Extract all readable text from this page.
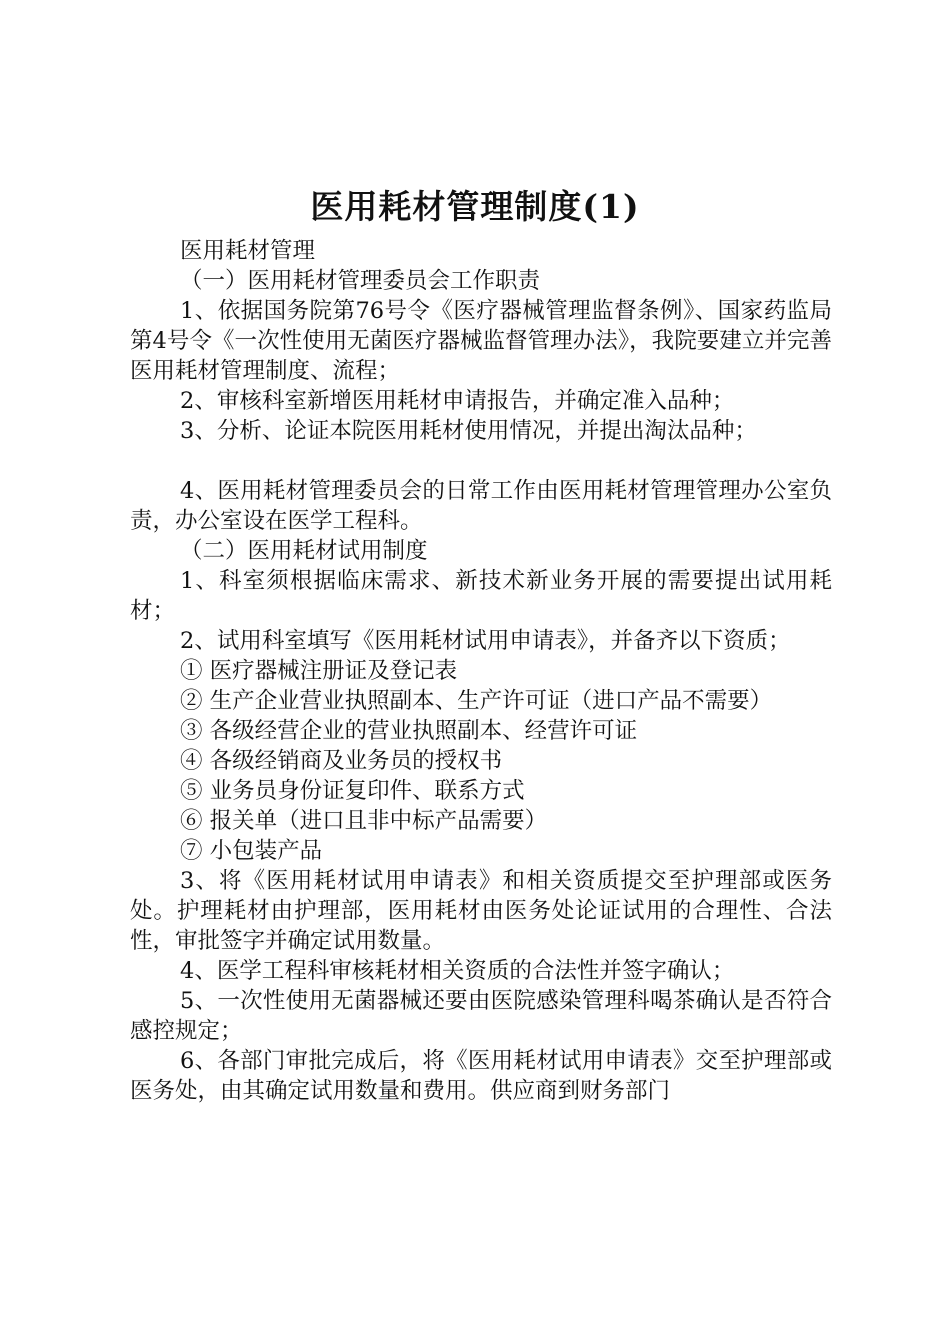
医用耗材管理制度(1)

医用耗材管理

（一）医用耗材管理委员会工作职责

1、依据国务院第76号令《医疗器械管理监督条例》、国家药监局第4号令《一次性使用无菌医疗器械监督管理办法》，我院要建立并完善医用耗材管理制度、流程；

2、审核科室新增医用耗材申请报告，并确定准入品种；

3、分析、论证本院医用耗材使用情况，并提出淘汰品种；

4、医用耗材管理委员会的日常工作由医用耗材管理管理办公室负责，办公室设在医学工程科。

（二）医用耗材试用制度

1、科室须根据临床需求、新技术新业务开展的需要提出试用耗材；

2、试用科室填写《医用耗材试用申请表》，并备齐以下资质；

① 医疗器械注册证及登记表

② 生产企业营业执照副本、生产许可证（进口产品不需要）

③ 各级经营企业的营业执照副本、经营许可证

④ 各级经销商及业务员的授权书

⑤ 业务员身份证复印件、联系方式

⑥ 报关单（进口且非中标产品需要）

⑦ 小包装产品

3、将《医用耗材试用申请表》和相关资质提交至护理部或医务处。护理耗材由护理部，医用耗材由医务处论证试用的合理性、合法性，审批签字并确定试用数量。

4、医学工程科审核耗材相关资质的合法性并签字确认；

5、一次性使用无菌器械还要由医院感染管理科喝茶确认是否符合感控规定；

6、各部门审批完成后，将《医用耗材试用申请表》交至护理部或医务处，由其确定试用数量和费用。供应商到财务部门
